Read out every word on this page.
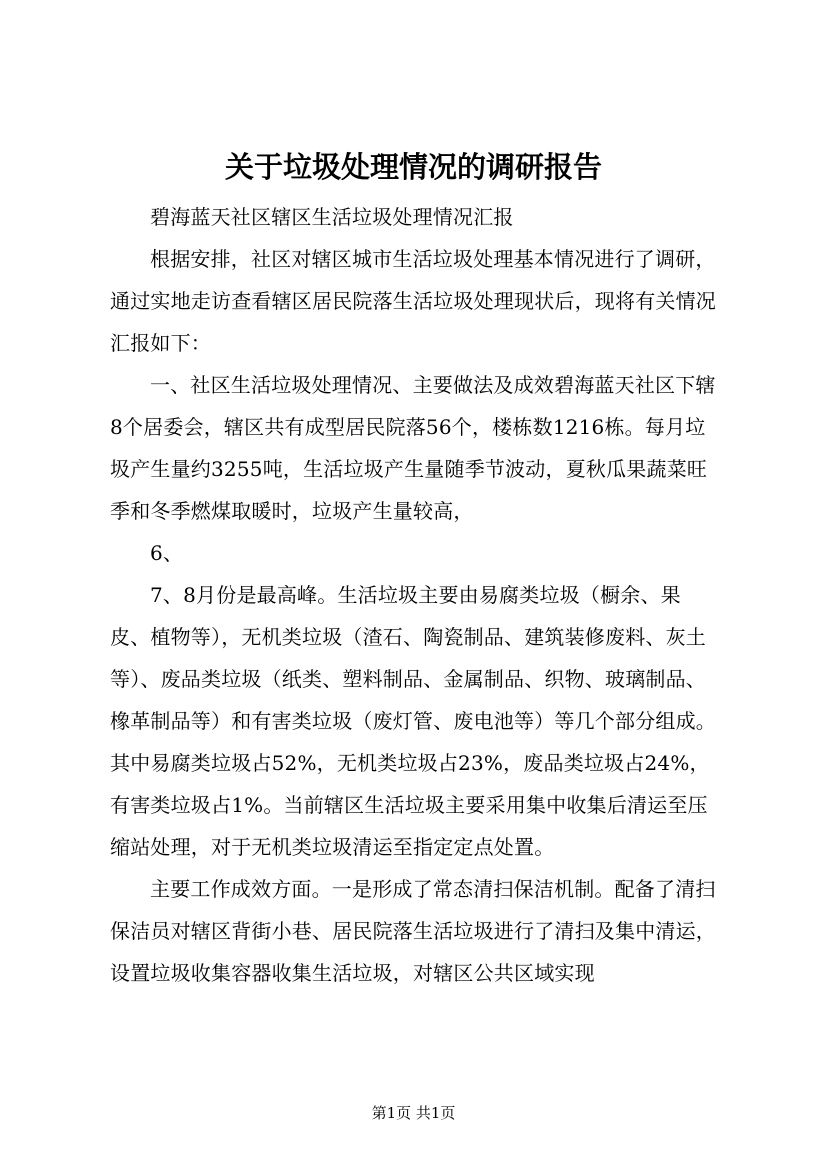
关于垃圾处理情况的调研报告

碧海蓝天社区辖区生活垃圾处理情况汇报

根据安排，社区对辖区城市生活垃圾处理基本情况进行了调研，通过实地走访查看辖区居民院落生活垃圾处理现状后，现将有关情况汇报如下：

一、社区生活垃圾处理情况、主要做法及成效碧海蓝天社区下辖8个居委会，辖区共有成型居民院落56个，楼栋数1216栋。每月垃圾产生量约3255吨，生活垃圾产生量随季节波动，夏秋瓜果蔬菜旺季和冬季燃煤取暖时，垃圾产生量较高，

6、

7、8月份是最高峰。生活垃圾主要由易腐类垃圾（橱余、果皮、植物等），无机类垃圾（渣石、陶瓷制品、建筑装修废料、灰土等）、废品类垃圾（纸类、塑料制品、金属制品、织物、玻璃制品、橡革制品等）和有害类垃圾（废灯管、废电池等）等几个部分组成。其中易腐类垃圾占52%，无机类垃圾占23%，废品类垃圾占24%，有害类垃圾占1%。当前辖区生活垃圾主要采用集中收集后清运至压缩站处理，对于无机类垃圾清运至指定定点处置。

主要工作成效方面。一是形成了常态清扫保洁机制。配备了清扫保洁员对辖区背街小巷、居民院落生活垃圾进行了清扫及集中清运，设置垃圾收集容器收集生活垃圾，对辖区公共区域实现

第1页 共1页
